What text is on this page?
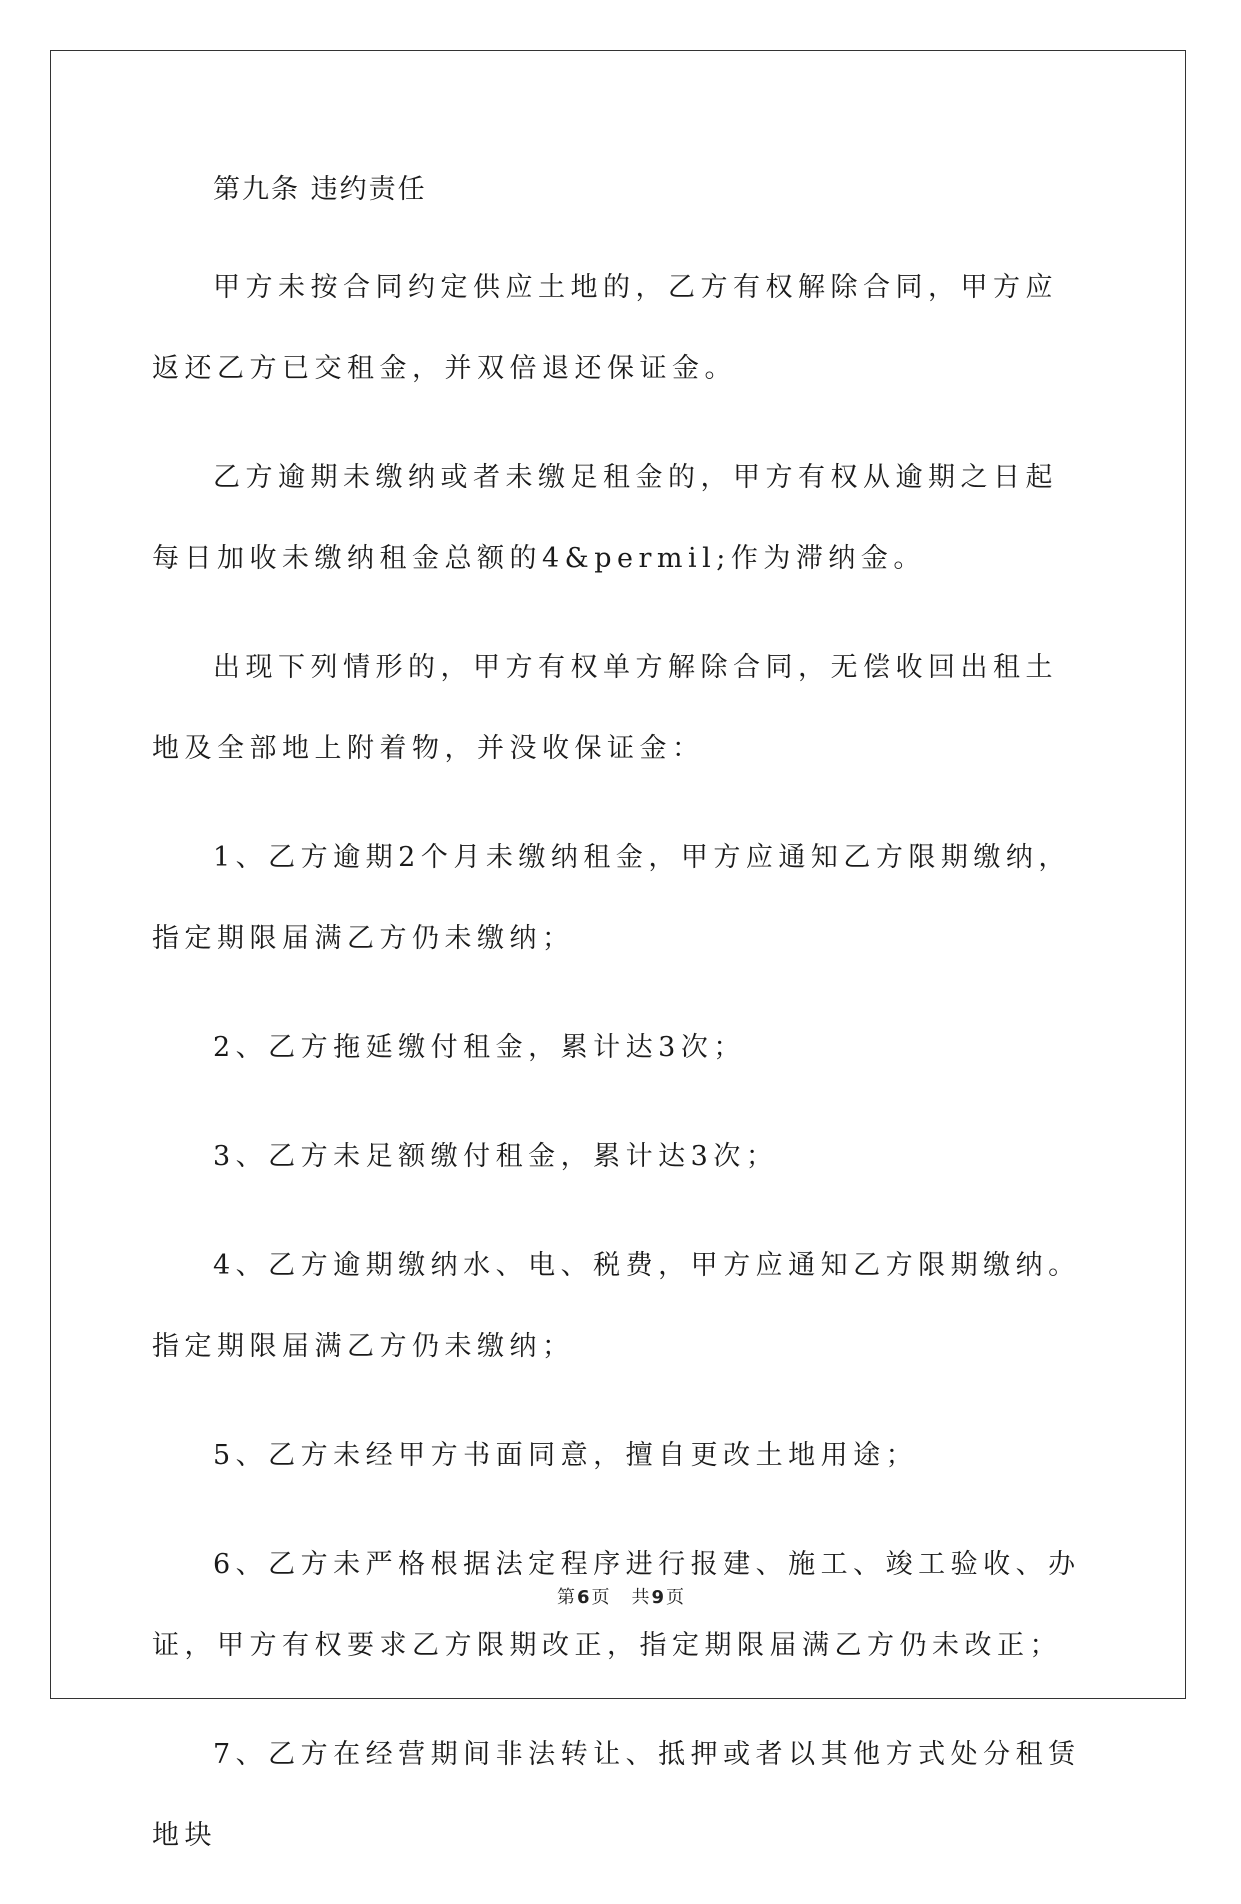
第九条 违约责任

甲方未按合同约定供应土地的，乙方有权解除合同，甲方应返还乙方已交租金，并双倍退还保证金。

乙方逾期未缴纳或者未缴足租金的，甲方有权从逾期之日起每日加收未缴纳租金总额的4&permil;作为滞纳金。

出现下列情形的，甲方有权单方解除合同，无偿收回出租土地及全部地上附着物，并没收保证金：

1、乙方逾期2个月未缴纳租金，甲方应通知乙方限期缴纳，指定期限届满乙方仍未缴纳；

2、乙方拖延缴付租金，累计达3次；

3、乙方未足额缴付租金，累计达3次；

4、乙方逾期缴纳水、电、税费，甲方应通知乙方限期缴纳。指定期限届满乙方仍未缴纳；

5、乙方未经甲方书面同意，擅自更改土地用途；

6、乙方未严格根据法定程序进行报建、施工、竣工验收、办证，甲方有权要求乙方限期改正，指定期限届满乙方仍未改正；

7、乙方在经营期间非法转让、抵押或者以其他方式处分租赁地块

第 6 页 共 9 页
